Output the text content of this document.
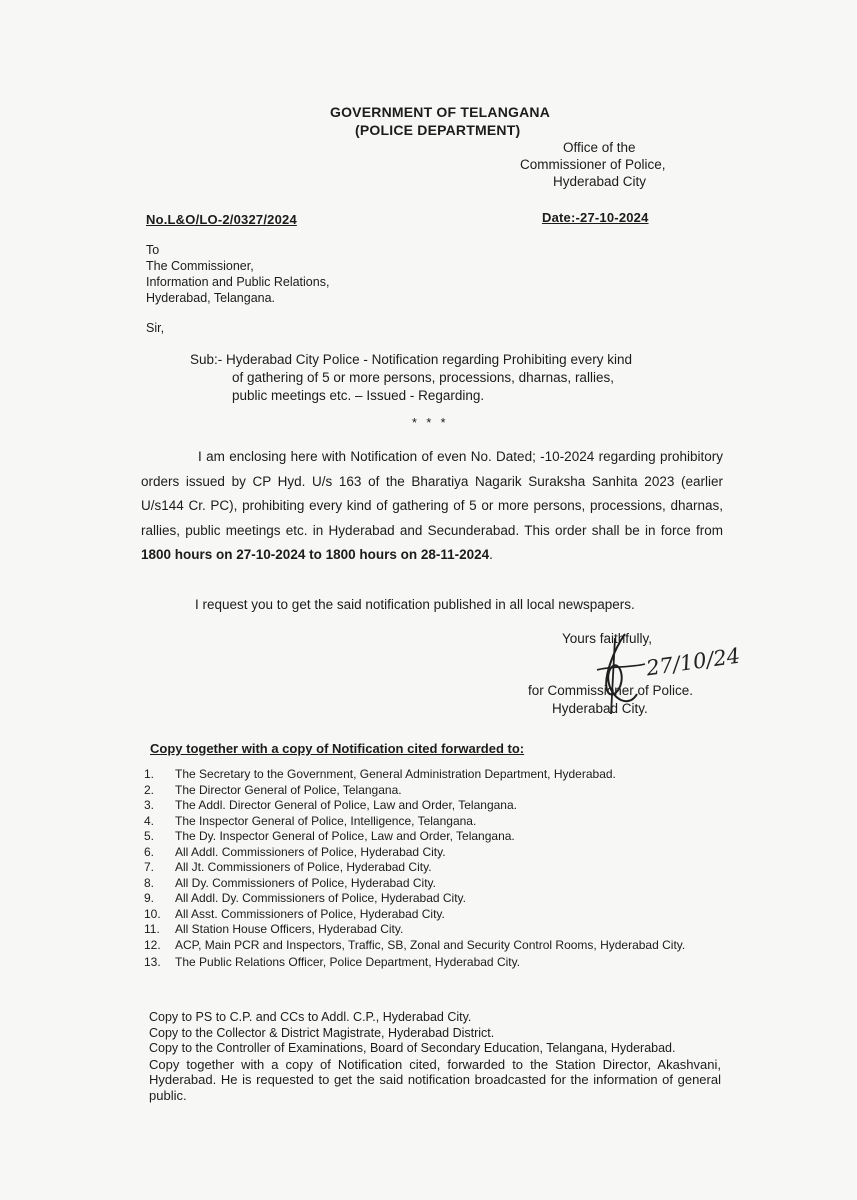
GOVERNMENT OF TELANGANA
(POLICE DEPARTMENT)
Office of the
Commissioner of Police,
Hyderabad City
No.L&O/LO-2/0327/2024	Date:-27-10-2024
To
The Commissioner,
Information and Public Relations,
Hyderabad, Telangana.
Sir,
Sub:- Hyderabad City Police - Notification regarding Prohibiting every kind
of gathering of 5 or more persons, processions, dharnas, rallies,
public meetings etc. – Issued - Regarding.
* * *
I am enclosing here with Notification of even No. Dated; -10-2024 regarding prohibitory orders issued by CP Hyd. U/s 163 of the Bharatiya Nagarik Suraksha Sanhita 2023 (earlier U/s144 Cr. PC), prohibiting every kind of gathering of 5 or more persons, processions, dharnas, rallies, public meetings etc. in Hyderabad and Secunderabad. This order shall be in force from 1800 hours on 27-10-2024 to 1800 hours on 28-11-2024.
I request you to get the said notification published in all local newspapers.
Yours faithfully,
for Commissioner of Police.
Hyderabad City.
27/10/24
Copy together with a copy of Notification cited forwarded to:
1. The Secretary to the Government, General Administration Department, Hyderabad.
2. The Director General of Police, Telangana.
3. The Addl. Director General of Police, Law and Order, Telangana.
4. The Inspector General of Police, Intelligence, Telangana.
5. The Dy. Inspector General of Police, Law and Order, Telangana.
6. All Addl. Commissioners of Police, Hyderabad City.
7. All Jt. Commissioners of Police, Hyderabad City.
8. All Dy. Commissioners of Police, Hyderabad City.
9. All Addl. Dy. Commissioners of Police, Hyderabad City.
10. All Asst. Commissioners of Police, Hyderabad City.
11. All Station House Officers, Hyderabad City.
12. ACP, Main PCR and Inspectors, Traffic, SB, Zonal and Security Control Rooms, Hyderabad City.
13. The Public Relations Officer, Police Department, Hyderabad City.
Copy to PS to C.P. and CCs to Addl. C.P., Hyderabad City.
Copy to the Collector & District Magistrate, Hyderabad District.
Copy to the Controller of Examinations, Board of Secondary Education, Telangana, Hyderabad.
Copy together with a copy of Notification cited, forwarded to the Station Director, Akashvani, Hyderabad. He is requested to get the said notification broadcasted for the information of general public.
